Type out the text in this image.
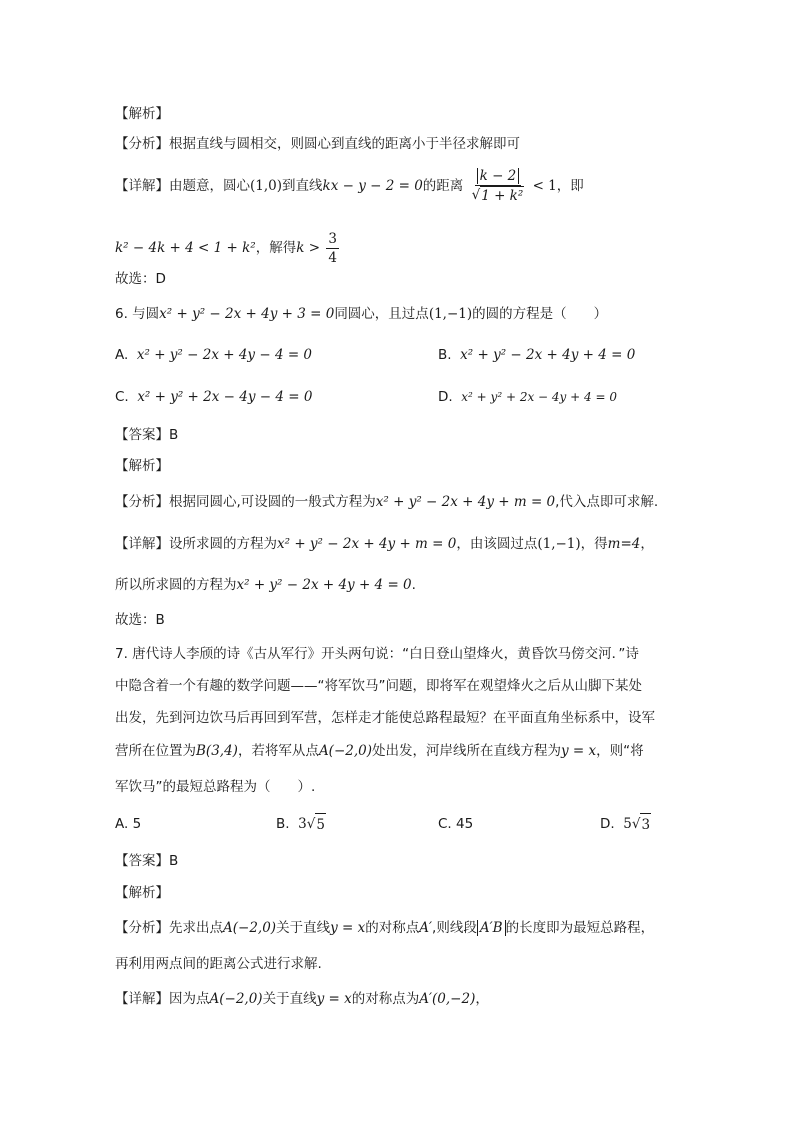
【解析】
【分析】根据直线与圆相交，则圆心到直线的距离小于半径求解即可
【详解】由题意，圆心(1,0)到直线kx − y − 2 = 0的距离 $\frac{k - 2}{\text{√ 1 + k²}} < 1$，即
k² − 4k + 4 < 1 + k²，解得$k > \frac{3}{4}$
故选：D
6. 与圆x² + y² − 2x + 4y + 3 = 0同圆心，且过点(1,−1)的圆的方程是（　　）
A. x² + y² − 2x + 4y − 4 = 0	B. x² + y² − 2x + 4y + 4 = 0
C. x² + y² + 2x − 4y − 4 = 0	D. x² + y² + 2x − 4y + 4 = 0
【答案】B
【解析】
【分析】根据同圆心,可设圆的一般式方程为x² + y² − 2x + 4y + m = 0,代入点即可求解.
【详解】设所求圆的方程为x² + y² − 2x + 4y + m = 0，由该圆过点(1,−1)，得m=4，
所以所求圆的方程为x² + y² − 2x + 4y + 4 = 0.
故选：B
7. 唐代诗人李颀的诗《古从军行》开头两句说：“白日登山望烽火，黄昏饮马傍交河．”诗
中隐含着一个有趣的数学问题——“将军饮马”问题，即将军在观望烽火之后从山脚下某处
出发，先到河边饮马后再回到军营，怎样走才能使总路程最短？在平面直角坐标系中，设军
营所在位置为B(3,4)，若将军从点A(−2,0)处出发，河岸线所在直线方程为y = x，则“将
军饮马”的最短总路程为（　　）.
A. 5	B. 3 √ 5	C. 45	D. 5 √ 3
【答案】B
【解析】
【分析】先求出点A(−2,0)关于直线y = x的对称点A′,则线段 A′B 的长度即为最短总路程，
再利用两点间的距离公式进行求解.
【详解】因为点A(−2,0)关于直线y = x的对称点为A′(0,−2)，
